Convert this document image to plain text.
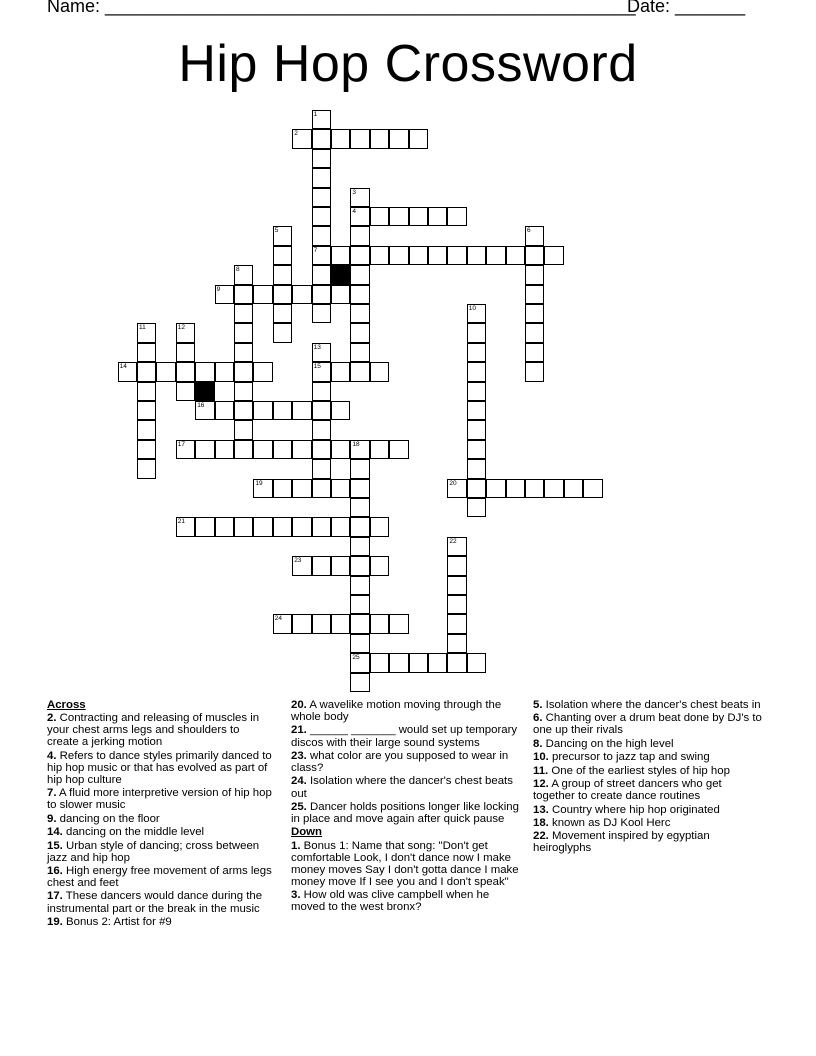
Name: _____________________________________________________
Date: _______
Hip Hop Crossword
1
2
3
4
5	6
7
8
9
10
11	12
13
14	15
16
17	18
19	20
21
22
23
24
25
Across
2. Contracting and releasing of muscles in your chest arms legs and shoulders to create a jerking motion
4. Refers to dance styles primarily danced to hip hop music or that has evolved as part of hip hop culture
7. A fluid more interpretive version of hip hop to slower music
9. dancing on the floor
14. dancing on the middle level
15. Urban style of dancing; cross between jazz and hip hop
16. High energy free movement of arms legs chest and feet
17. These dancers would dance during the instrumental part or the break in the music
19. Bonus 2: Artist for #9
20. A wavelike motion moving through the whole body
21. ______ _______ would set up temporary discos with their large sound systems
23. what color are you supposed to wear in class?
24. Isolation where the dancer's chest beats out
25. Dancer holds positions longer like locking in place and move again after quick pause
Down
1. Bonus 1: Name that song: "Don't get comfortable Look, I don't dance now I make money moves Say I don't gotta dance I make money move If I see you and I don't speak"
3. How old was clive campbell when he moved to the west bronx?
5. Isolation where the dancer's chest beats in
6. Chanting over a drum beat done by DJ's to one up their rivals
8. Dancing on the high level
10. precursor to jazz tap and swing
11. One of the earliest styles of hip hop
12. A group of street dancers who get together to create dance routines
13. Country where hip hop originated
18. known as DJ Kool Herc
22. Movement inspired by egyptian heiroglyphs
